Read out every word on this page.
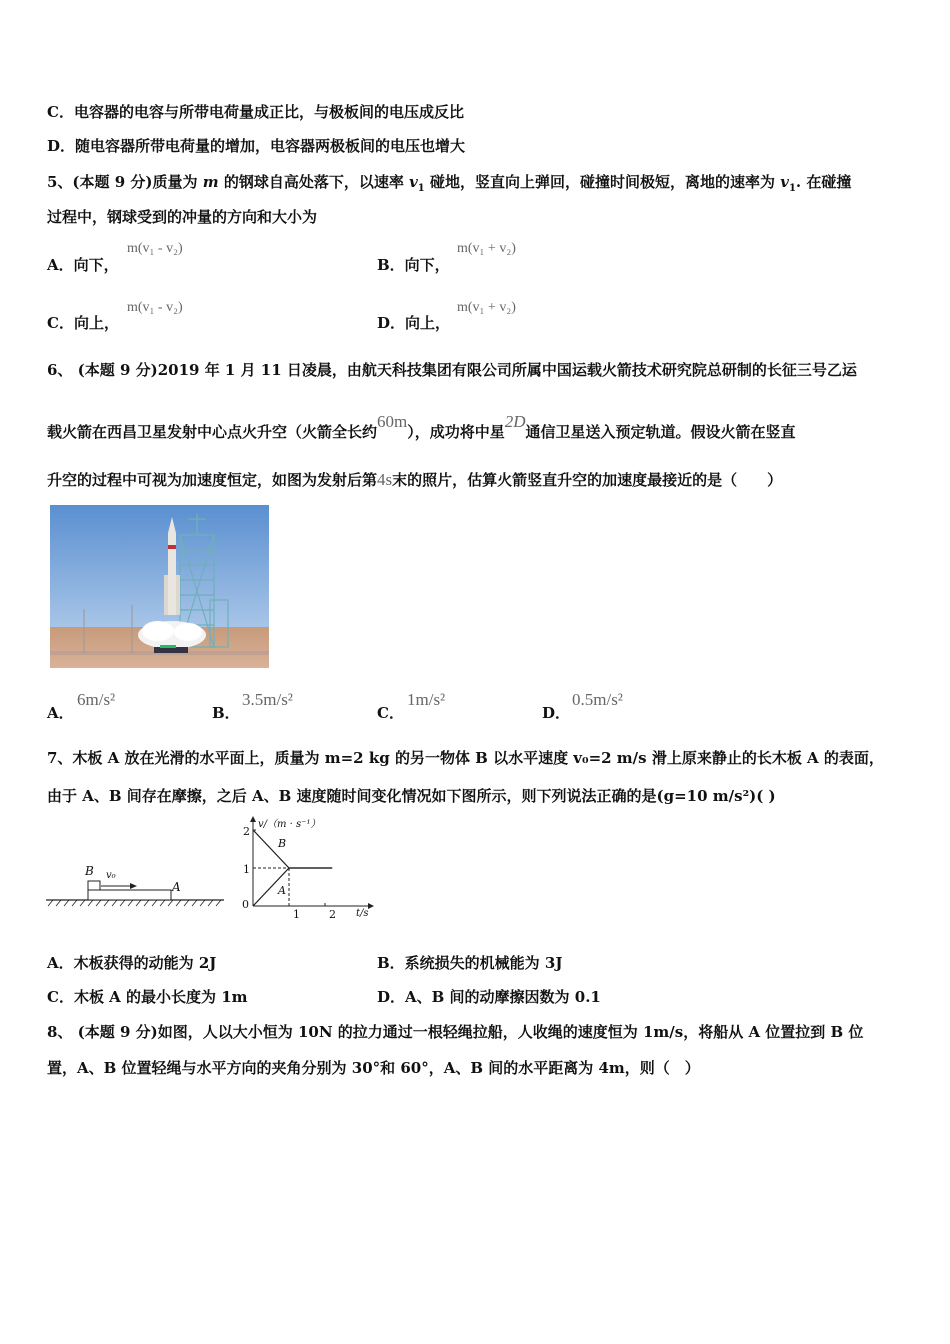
C．电容器的电容与所带电荷量成正比，与极板间的电压成反比
D．随电容器所带电荷量的增加，电容器两极板间的电压也增大
5、(本题 9 分)质量为 m 的钢球自高处落下，以速率 $v_1$ 碰地，竖直向上弹回，碰撞时间极短，离地的速率为 $v_1$. 在碰撞
过程中，钢球受到的冲量的方向和大小为
A．向下，
m(v₁ - v₂)
B．向下，
m(v₁ + v₂)
C．向上，
m(v₁ - v₂)
D．向上，
m(v₁ + v₂)
6、 (本题 9 分)2019 年 1 月 11 日凌晨，由航天科技集团有限公司所属中国运载火箭技术研究院总研制的长征三号乙运
载火箭在西昌卫星发射中心点火升空（火箭全长约60m），成功将中星2D通信卫星送入预定轨道。假设火箭在竖直
升空的过程中可视为加速度恒定，如图为发射后第4s末的照片，估算火箭竖直升空的加速度最接近的是（　　）
A．
6m/s²
B．
3.5m/s²
C．
1m/s²
D．
0.5m/s²
7、木板 A 放在光滑的水平面上，质量为 m=2 kg 的另一物体 B 以水平速度 v₀=2 m/s 滑上原来静止的长木板 A 的表面，
由于 A、B 间存在摩擦，之后 A、B 速度随时间变化情况如下图所示，则下列说法正确的是(g=10 m/s²)( )
B v₀
A
v/（m · s⁻¹）
t/s
0
1
2
1	2
B
A
A．木板获得的动能为 2J	B．系统损失的机械能为 3J
C．木板 A 的最小长度为 1m	D．A、B 间的动摩擦因数为 0.1
8、 (本题 9 分)如图，人以大小恒为 10N 的拉力通过一根轻绳拉船，人收绳的速度恒为 1m/s，将船从 A 位置拉到 B 位
置，A、B 位置轻绳与水平方向的夹角分别为 30°和 60°，A、B 间的水平距离为 4m，则（　）
